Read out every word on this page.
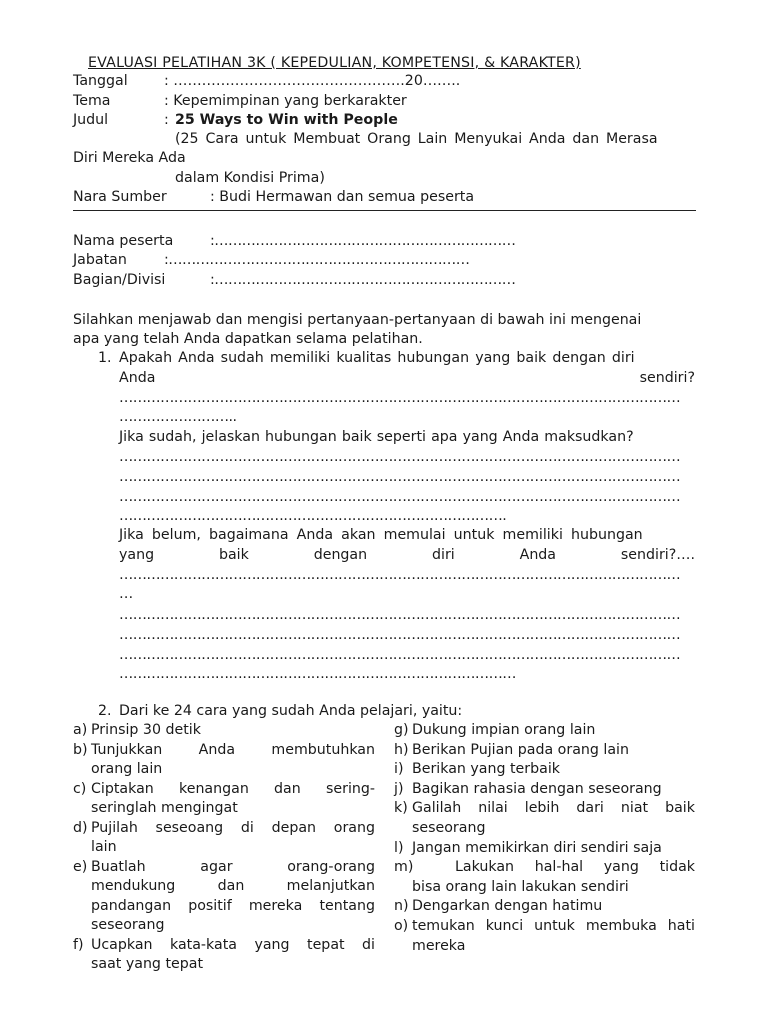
EVALUASI PELATIHAN 3K ( KEPEDULIAN, KOMPETENSI, & KARAKTER)
Tanggal	: ………………………………………….20……..
Tema	: Kepemimpinan yang berkarakter
Judul	: 25 Ways to Win with People
(25 Cara untuk Membuat Orang Lain Menyukai Anda dan Merasa
Diri Mereka Ada
dalam Kondisi Prima)
Nara Sumber	: Budi Hermawan dan semua peserta
Nama peserta	:…………………………………………………………
Jabatan	:…………………………………………………………
Bagian/Divisi	:…………………………………………………………
Silahkan menjawab dan mengisi pertanyaan-pertanyaan di bawah ini mengenai
apa yang telah Anda dapatkan selama pelatihan.
1. Apakah Anda sudah memiliki kualitas hubungan yang baik dengan diri
Anda	sendiri?
……………………………………………………………………………………………………………
……………………..
Jika sudah, jelaskan hubungan baik seperti apa yang Anda maksudkan?
……………………………………………………………………………………………………………
……………………………………………………………………………………………………………
……………………………………………………………………………………………………………
………………………………………………………………………….
Jika belum, bagaimana Anda akan memulai untuk memiliki hubungan
yang	baik	dengan	diri	Anda	sendiri?….
……………………………………………………………………………………………………………
…
……………………………………………………………………………………………………………
……………………………………………………………………………………………………………
……………………………………………………………………………………………………………
……………………………………………………………………………
2. Dari ke 24 cara yang sudah Anda pelajari, yaitu:
a) Prinsip 30 detik
b) Tunjukkan	Anda	membutuhkan
orang lain
c) Ciptakan kenangan dan sering-
seringlah mengingat
d) Pujilah seseoang di depan orang
lain
e) Buatlah	agar	orang-orang
mendukung	dan	melanjutkan
pandangan positif mereka tentang
seseorang
f) Ucapkan kata-kata yang tepat di
saat yang tepat
g) Dukung impian orang lain
h) Berikan Pujian pada orang lain
i) Berikan yang terbaik
j) Bagikan rahasia dengan seseorang
k) Galilah nilai lebih dari niat baik
seseorang
l) Jangan memikirkan diri sendiri saja
m)	Lakukan hal-hal yang tidak
bisa orang lain lakukan sendiri
n) Dengarkan dengan hatimu
o) temukan kunci untuk membuka hati
mereka
